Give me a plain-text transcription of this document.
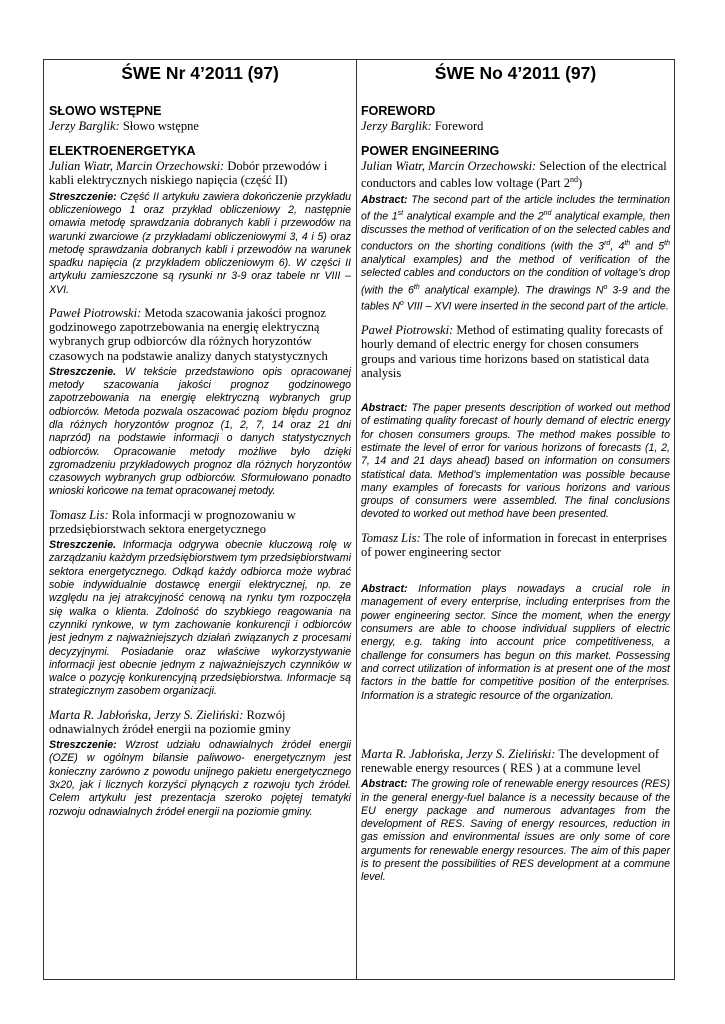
ŚWE Nr 4’2011 (97)
SŁOWO WSTĘPNE
Jerzy Barglik: Słowo wstępne
ELEKTROENERGETYKA
Julian Wiatr, Marcin Orzechowski: Dobór przewodów i kabli elektrycznych niskiego napięcia (część II)
Streszczenie: Część II artykułu zawiera dokończenie przykładu obliczeniowego 1 oraz przykład obliczeniowy 2, następnie omawia metodę sprawdzania dobranych kabli i przewodów na warunki zwarciowe (z przykładami obliczeniowymi 3, 4 i 5) oraz metodę sprawdzania dobranych kabli i przewodów na warunek spadku napięcia (z przykładem obliczeniowym 6). W części II artykułu zamieszczone są rysunki nr 3-9 oraz tabele nr VIII – XVI.
Paweł Piotrowski: Metoda szacowania jakości prognoz godzinowego zapotrzebowania na energię elektryczną wybranych grup odbiorców dla różnych horyzontów czasowych na podstawie analizy danych statystycznych
Streszczenie. W tekście przedstawiono opis opracowanej metody szacowania jakości prognoz godzinowego zapotrzebowania na energię elektryczną wybranych grup odbiorców. Metoda pozwala oszacować poziom błędu prognoz dla różnych horyzontów prognoz (1, 2, 7, 14 oraz 21 dni naprzód) na podstawie informacji o danych statystycznych odbiorców. Opracowanie metody możliwe było dzięki zgromadzeniu przykładowych prognoz dla różnych horyzontów czasowych wybranych grup odbiorców. Sformułowano ponadto wnioski końcowe na temat opracowanej metody.
Tomasz Lis: Rola informacji w prognozowaniu w przedsiębiorstwach sektora energetycznego
Streszczenie. Informacja odgrywa obecnie kluczową rolę w zarządzaniu każdym przedsiębiorstwem tym przedsiębiorstwami sektora energetycznego. Odkąd każdy odbiorca może wybrać sobie indywidualnie dostawcę energii elektrycznej, np. ze względu na jej atrakcyjność cenową na rynku tym rozpoczęła się walka o klienta. Zdolność do szybkiego reagowania na czynniki rynkowe, w tym zachowanie konkurencji i odbiorców jest jednym z najważniejszych działań związanych z procesami decyzyjnymi. Posiadanie oraz właściwe wykorzystywanie informacji jest obecnie jednym z najważniejszych czynników w walce o pozycję konkurencyjną przedsiębiorstwa. Informacje są strategicznym zasobem organizacji.
Marta R. Jabłońska, Jerzy S. Zieliński: Rozwój odnawialnych źródeł energii na poziomie gminy
Streszczenie: Wzrost udziału odnawialnych źródeł energii (OZE) w ogólnym bilansie paliwowo- energetycznym jest konieczny zarówno z powodu unijnego pakietu energetycznego 3x20, jak i licznych korzyści płynących z rozwoju tych źródeł. Celem artykułu jest prezentacja szeroko pojętej tematyki rozwoju odnawialnych źródeł energii na poziomie gminy.
ŚWE No 4’2011 (97)
FOREWORD
Jerzy Barglik: Foreword
POWER ENGINEERING
Julian Wiatr, Marcin Orzechowski: Selection of the electrical conductors and cables low voltage (Part 2nd)
Abstract: The second part of the article includes the termination of the 1st analytical example and the 2nd analytical example, then discusses the method of verification of on the selected cables and conductors on the shorting conditions (with the 3rd, 4th and 5th analytical examples) and the method of verification of the selected cables and conductors on the condition of voltage’s drop (with the 6th analytical example). The drawings $N^o$ 3-9 and the tables $N^o$ VIII – XVI were inserted in the second part of the article.
Paweł Piotrowski: Method of estimating quality forecasts of hourly demand of electric energy for chosen consumers groups and various time horizons based on statistical data analysis
Abstract: The paper presents description of worked out method of estimating quality forecast of hourly demand of electric energy for chosen consumers groups. The method makes possible to estimate the level of error for various horizons of forecasts (1, 2, 7, 14 and 21 days ahead) based on information on consumers statistical data. Method’s implementation was possible because many examples of forecasts for various horizons and various groups of consumers were assembled. The final conclusions devoted to worked out method have been presented.
Tomasz Lis: The role of information in forecast in enterprises of power engineering sector
Abstract: Information plays nowadays a crucial role in management of every enterprise, including enterprises from the power engineering sector. Since the moment, when the energy consumers are able to choose individual suppliers of electric energy, e.g. taking into account price competitiveness, a challenge for consumers has begun on this market. Possessing and correct utilization of information is at present one of the most factors in the battle for competitive position of the enterprises. Information is a strategic resource of the organization.
Marta R. Jabłońska, Jerzy S. Zieliński: The development of renewable energy resources ( RES ) at a commune level
Abstract: The growing role of renewable energy resources (RES) in the general energy-fuel balance is a necessity because of the EU energy package and numerous advantages from the development of RES. Saving of energy resources, reduction in gas emission and environmental issues are only some of core arguments for renewable energy resources. The aim of this paper is to present the possibilities of RES development at a commune level.
